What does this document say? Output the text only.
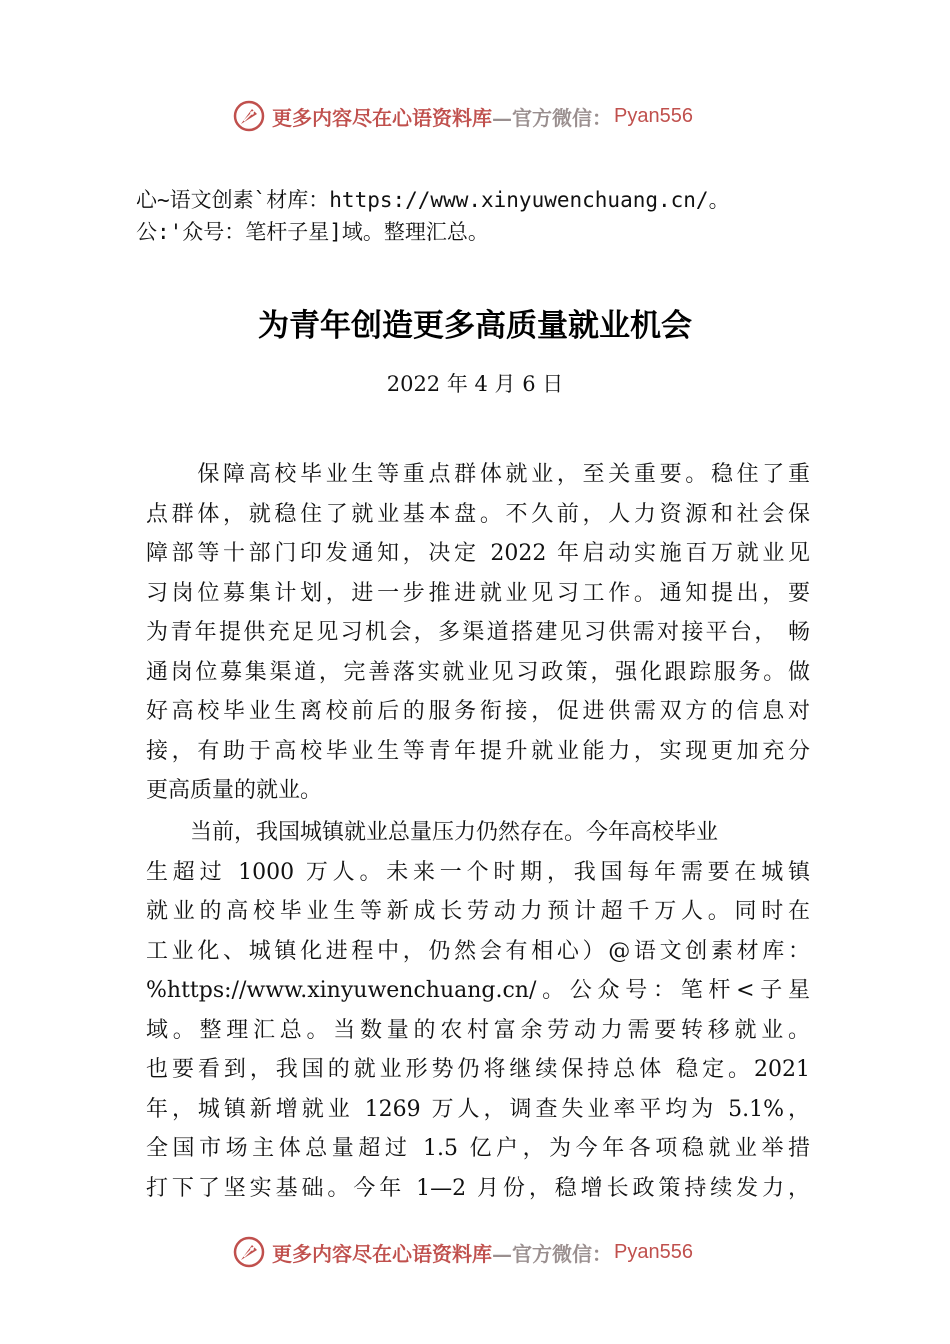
更多内容尽在心语资料库 —官方微信： Pyan556
心~语文创素`材库：https://www.xinyuwenchuang.cn/。
公:'众号：笔杆子星]域。整理汇总。
为青年创造更多高质量就业机会
2022 年 4 月 6 日
　　保障高校毕业生等重点群体就业，至关重要。稳住了重
点群体，就稳住了就业基本盘。不久前，人力资源和社会保
障部等十部门印发通知，决定 2022 年启动实施百万就业见
习岗位募集计划，进一步推进就业见习工作。通知提出，要
为青年提供充足见习机会，多渠道搭建见习供需对接平台， 畅
通岗位募集渠道，完善落实就业见习政策，强化跟踪服务。做
好高校毕业生离校前后的服务衔接，促进供需双方的信息对
接，有助于高校毕业生等青年提升就业能力，实现更加充分
更高质量的就业。
　　当前，我国城镇就业总量压力仍然存在。今年高校毕业
生超过 1000 万人。未来一个时期，我国每年需要在城镇
就业的高校毕业生等新成长劳动力预计超千万人。同时在
工业化、城镇化进程中，仍然会有相心）@语文创素材库：
%https://www.xinyuwenchuang.cn/。公众号：笔杆<子星
域。整理汇总。当数量的农村富余劳动力需要转移就业。
也要看到，我国的就业形势仍将继续保持总体 稳定。2021
年，城镇新增就业 1269 万人，调查失业率平均为 5.1%，
全国市场主体总量超过 1.5 亿户，为今年各项稳就业举措
打下了坚实基础。今年 1—2 月份，稳增长政策持续发力，
更多内容尽在心语资料库 —官方微信： Pyan556
